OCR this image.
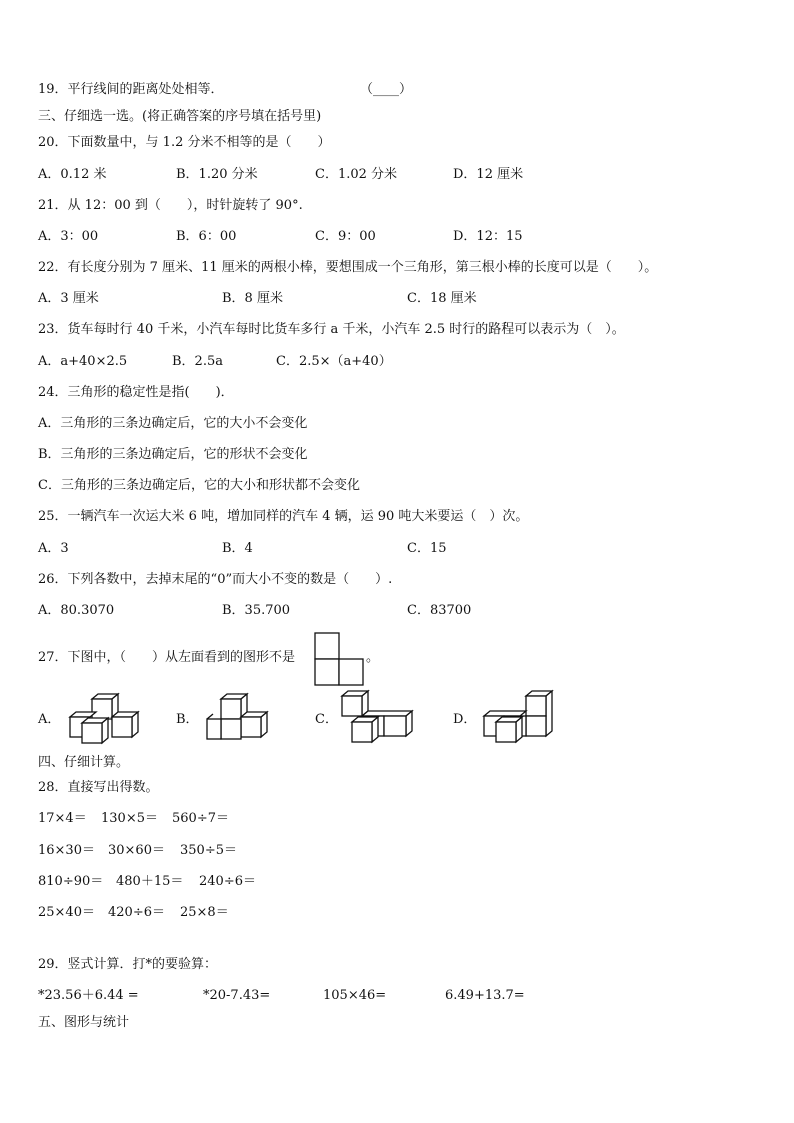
19．平行线间的距离处处相等．	（____）
三、仔细选一选。(将正确答案的序号填在括号里)
20．下面数量中，与 1.2 分米不相等的是（　　）
A．0.12 米	B．1.20 分米	C．1.02 分米	D．12 厘米
21．从 12：00 到（　　），时针旋转了 90°.
A．3：00	B．6：00	C．9：00	D．12：15
22．有长度分别为 7 厘米、11 厘米的两根小棒，要想围成一个三角形，第三根小棒的长度可以是（　　）。
A．3 厘米	B．8 厘米	C．18 厘米
23．货车每时行 40 千米，小汽车每时比货车多行 a 千米，小汽车 2.5 时行的路程可以表示为（　）。
A．a+40×2.5	B．2.5a	C．2.5×（a+40）
24．三角形的稳定性是指(　　)．
A．三角形的三条边确定后，它的大小不会变化
B．三角形的三条边确定后，它的形状不会变化
C．三角形的三条边确定后，它的大小和形状都不会变化
25．一辆汽车一次运大米 6 吨，增加同样的汽车 4 辆，运 90 吨大米要运（　）次。
A．3	B．4	C．15
26．下列各数中，去掉末尾的“0”而大小不变的数是（　　）.
A．80.3070	B．35.700	C．83700
27．下图中，（　　）从左面看到的图形不是	。
A．	B．	C．	D．
四、仔细计算。
28．直接写出得数。
17×4＝ 130×5＝ 560÷7＝
16×30＝ 30×60＝ 350÷5＝
810÷90＝ 480＋15＝ 240÷6＝
25×40＝ 420÷6＝ 25×8＝
29．竖式计算．打*的要验算：
*23.56＋6.44 =	*20-7.43=	105×46=	6.49+13.7=
五、图形与统计
